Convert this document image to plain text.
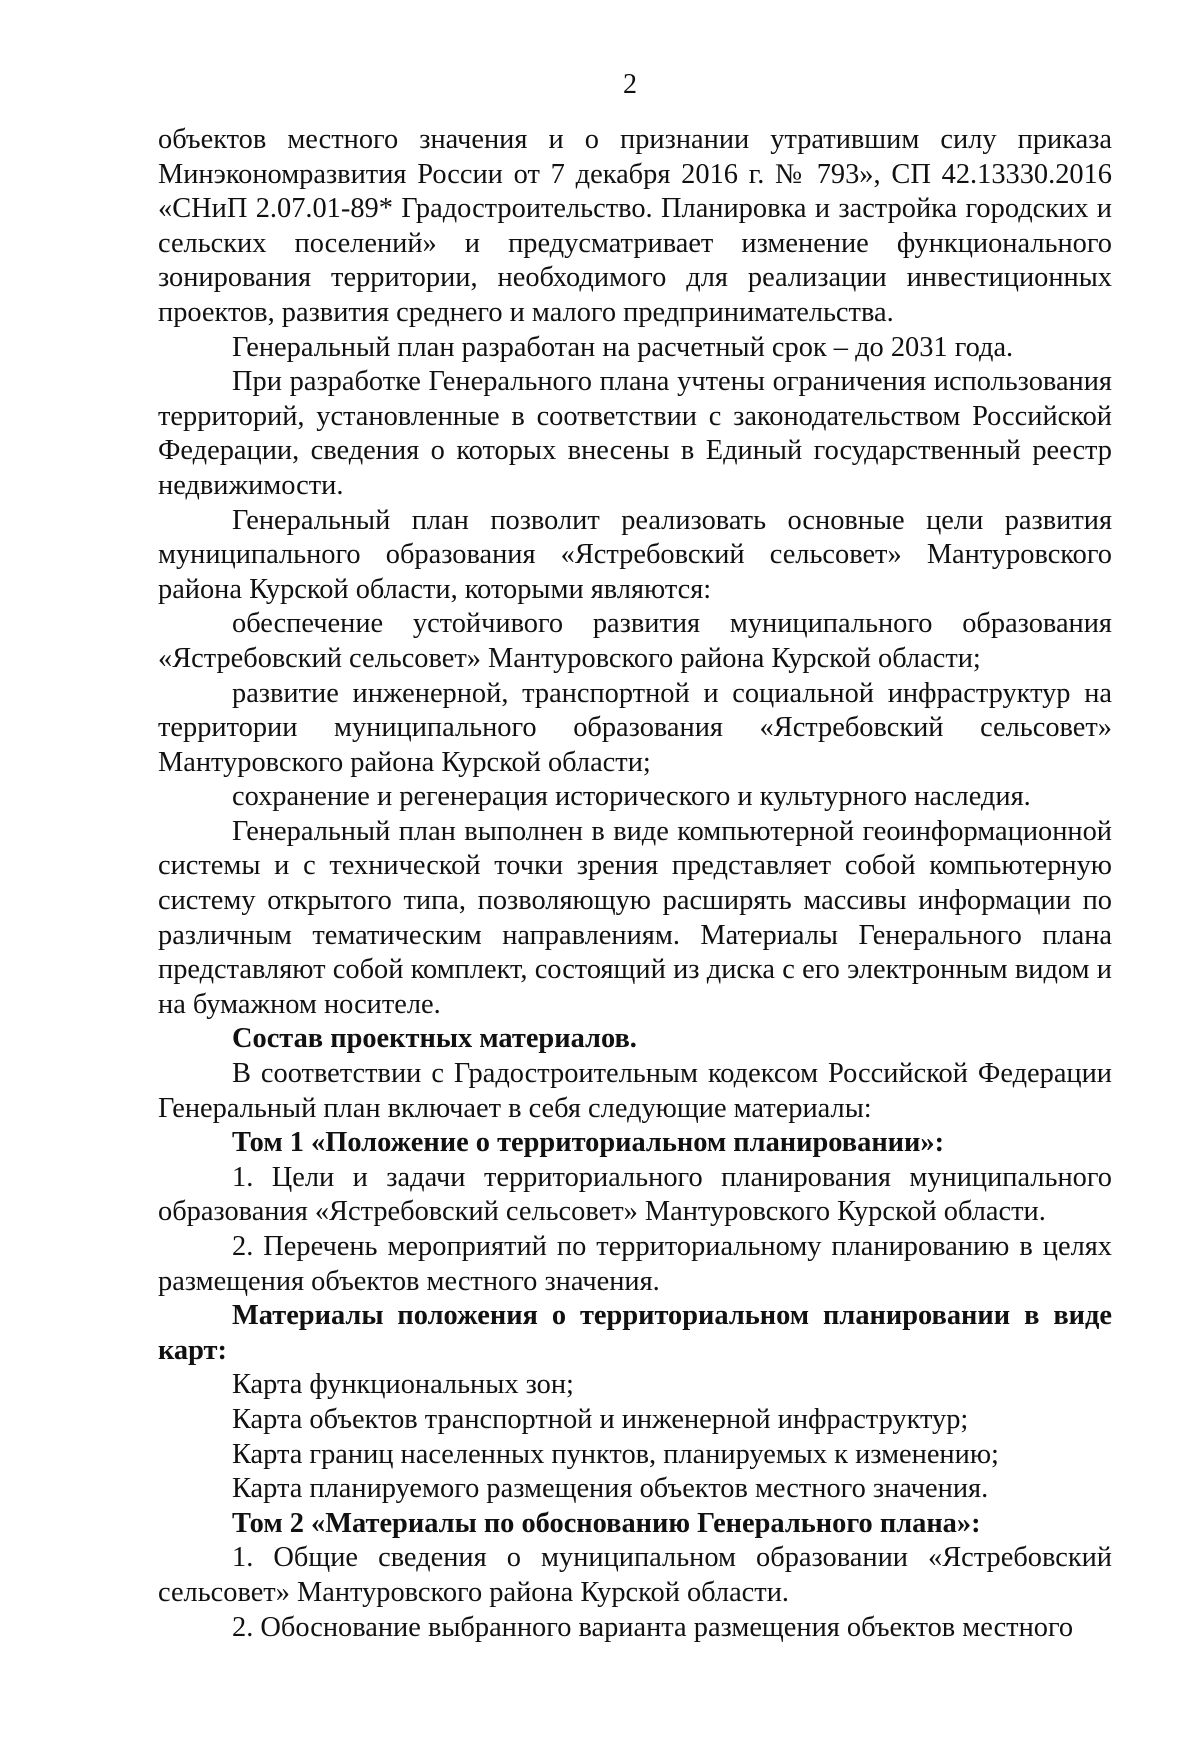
2

объектов местного значения и о признании утратившим силу приказа Минэкономразвития России от 7 декабря 2016 г. № 793», СП 42.13330.2016 «СНиП 2.07.01-89* Градостроительство. Планировка и застройка городских и сельских поселений» и предусматривает изменение функционального зонирования территории, необходимого для реализации инвестиционных проектов, развития среднего и малого предпринимательства.

Генеральный план разработан на расчетный срок – до 2031 года.

При разработке Генерального плана учтены ограничения использования территорий, установленные в соответствии с законодательством Российской Федерации, сведения о которых внесены в Единый государственный реестр недвижимости.

Генеральный план позволит реализовать основные цели развития муниципального образования «Ястребовский сельсовет» Мантуровского района Курской области, которыми являются:

обеспечение устойчивого развития муниципального образования «Ястребовский сельсовет» Мантуровского района Курской области;

развитие инженерной, транспортной и социальной инфраструктур на территории муниципального образования «Ястребовский сельсовет» Мантуровского района Курской области;

сохранение и регенерация исторического и культурного наследия.

Генеральный план выполнен в виде компьютерной геоинформационной системы и с технической точки зрения представляет собой компьютерную систему открытого типа, позволяющую расширять массивы информации по различным тематическим направлениям. Материалы Генерального плана представляют собой комплект, состоящий из диска с его электронным видом и на бумажном носителе.

Состав проектных материалов.

В соответствии с Градостроительным кодексом Российской Федерации Генеральный план включает в себя следующие материалы:

Том 1 «Положение о территориальном планировании»:

1. Цели и задачи территориального планирования муниципального образования «Ястребовский сельсовет» Мантуровского Курской области.

2. Перечень мероприятий по территориальному планированию в целях размещения объектов местного значения.

Материалы положения о территориальном планировании в виде карт:

Карта функциональных зон;

Карта объектов транспортной и инженерной инфраструктур;

Карта границ населенных пунктов, планируемых к изменению;

Карта планируемого размещения объектов местного значения.

Том 2 «Материалы по обоснованию Генерального плана»:

1. Общие сведения о муниципальном образовании «Ястребовский сельсовет» Мантуровского района Курской области.

2. Обоснование выбранного варианта размещения объектов местного
